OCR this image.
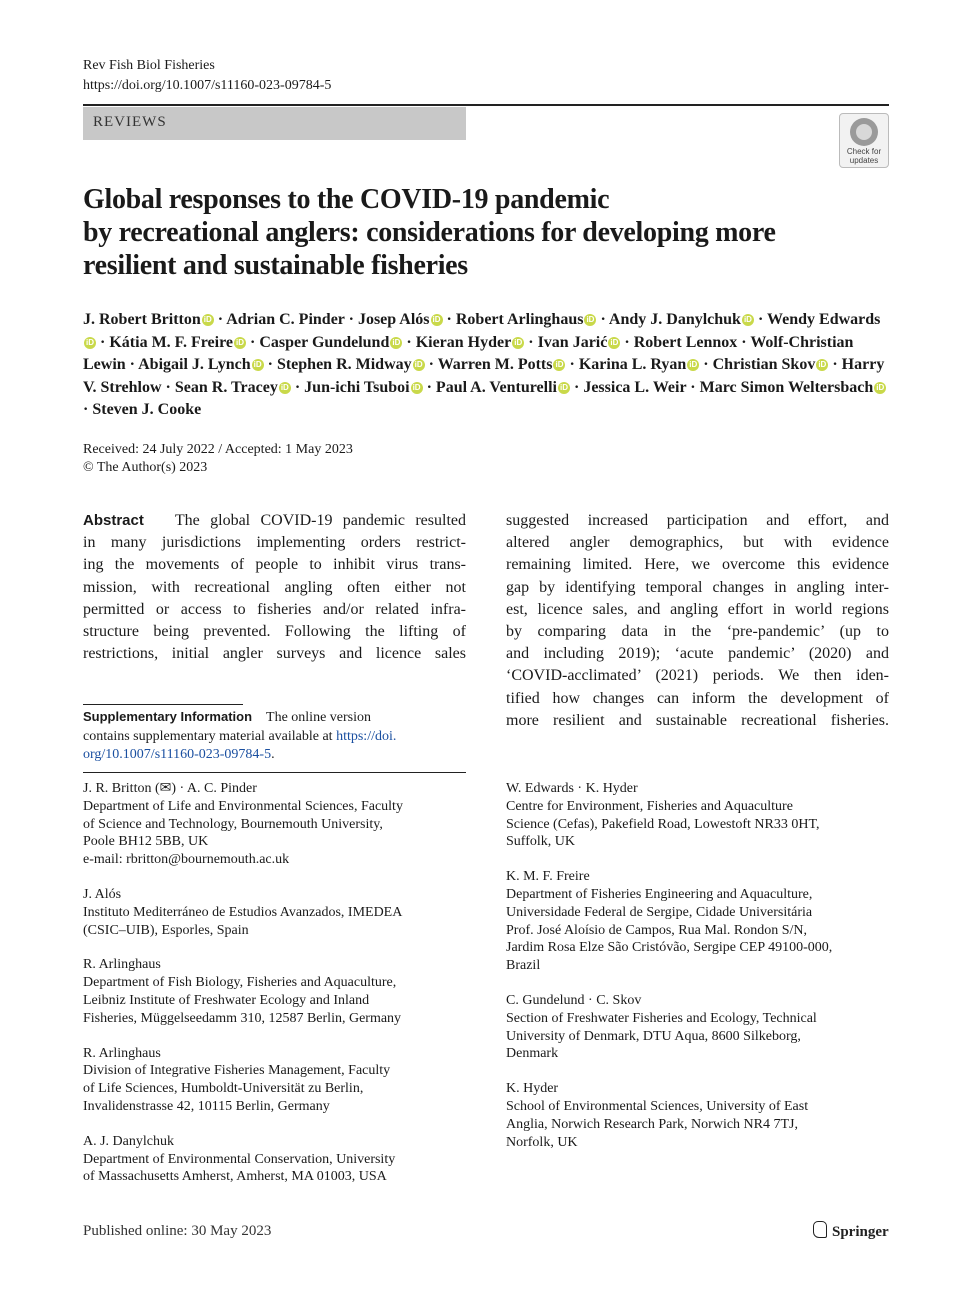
Rev Fish Biol Fisheries
https://doi.org/10.1007/s11160-023-09784-5
REVIEWS
Check for
updates
Global responses to the COVID-19 pandemic
by recreational anglers: considerations for developing more
resilient and sustainable fisheries
J. Robert Britton iD · Adrian C. Pinder · Josep Alós iD · Robert Arlinghaus iD · Andy J. Danylchuk iD · Wendy EdwardsiD · Kátia M. F. Freire iD · Casper Gundelund iD · Kieran Hyder iD · Ivan Jarić iD · Robert Lennox · Wolf-Christian Lewin · Abigail J. Lynch iD · Stephen R. Midway iD · Warren M. Potts iD · Karina L. Ryan iD · Christian Skov iD · Harry V. Strehlow · Sean R. Tracey iD · Jun-ichi Tsuboi iD · Paul A. Venturelli iD · Jessica L. Weir · Marc Simon Weltersbach iD · Steven J. Cooke
Received: 24 July 2022 / Accepted: 1 May 2023
© The Author(s) 2023
Abstract The global COVID-19 pandemic resulted
in many jurisdictions implementing orders restrict-
ing the movements of people to inhibit virus trans-
mission, with recreational angling often either not
permitted or access to fisheries and/or related infra-
structure being prevented. Following the lifting of
restrictions, initial angler surveys and licence sales
suggested increased participation and effort, and
altered angler demographics, but with evidence
remaining limited. Here, we overcome this evidence
gap by identifying temporal changes in angling inter-
est, licence sales, and angling effort in world regions
by comparing data in the ‘pre-pandemic’ (up to
and including 2019); ‘acute pandemic’ (2020) and
‘COVID-acclimated’ (2021) periods. We then iden-
tified how changes can inform the development of
more resilient and sustainable recreational fisheries.
Supplementary Information The online version
contains supplementary material available at https://doi.
org/10.1007/s11160-023-09784-5.
J. R. Britton (✉) · A. C. Pinder
Department of Life and Environmental Sciences, Faculty
of Science and Technology, Bournemouth University,
Poole BH12 5BB, UK
e-mail: rbritton@bournemouth.ac.uk
J. Alós
Instituto Mediterráneo de Estudios Avanzados, IMEDEA
(CSIC–UIB), Esporles, Spain
R. Arlinghaus
Department of Fish Biology, Fisheries and Aquaculture,
Leibniz Institute of Freshwater Ecology and Inland
Fisheries, Müggelseedamm 310, 12587 Berlin, Germany
R. Arlinghaus
Division of Integrative Fisheries Management, Faculty
of Life Sciences, Humboldt-Universität zu Berlin,
Invalidenstrasse 42, 10115 Berlin, Germany
A. J. Danylchuk
Department of Environmental Conservation, University
of Massachusetts Amherst, Amherst, MA 01003, USA
W. Edwards · K. Hyder
Centre for Environment, Fisheries and Aquaculture
Science (Cefas), Pakefield Road, Lowestoft NR33 0HT,
Suffolk, UK
K. M. F. Freire
Department of Fisheries Engineering and Aquaculture,
Universidade Federal de Sergipe, Cidade Universitária
Prof. José Aloísio de Campos, Rua Mal. Rondon S/N,
Jardim Rosa Elze São Cristóvão, Sergipe CEP 49100-000,
Brazil
C. Gundelund · C. Skov
Section of Freshwater Fisheries and Ecology, Technical
University of Denmark, DTU Aqua, 8600 Silkeborg,
Denmark
K. Hyder
School of Environmental Sciences, University of East
Anglia, Norwich Research Park, Norwich NR4 7TJ,
Norfolk, UK
Published online: 30 May 2023	Springer
